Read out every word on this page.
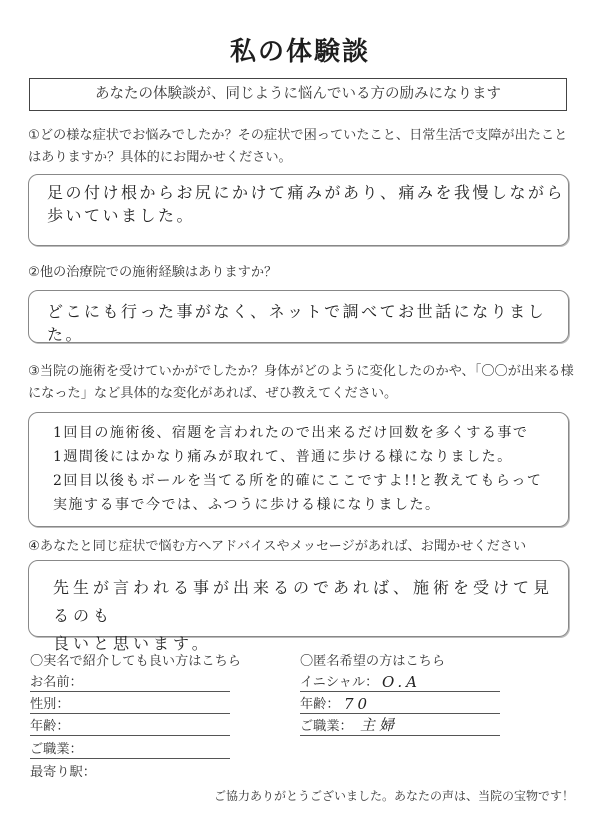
私の体験談
あなたの体験談が、同じように悩んでいる方の励みになります
①どの様な症状でお悩みでしたか？その症状で困っていたこと、日常生活で支障が出たことはありますか？具体的にお聞かせください。
足の付け根からお尻にかけて痛みがあり、痛みを我慢しながら
歩いていました。
②他の治療院での施術経験はありますか？
どこにも行った事がなく、ネットで調べてお世話になりました。
③当院の施術を受けていかがでしたか？身体がどのように変化したのかや、「〇〇が出来る様になった」など具体的な変化があれば、ぜひ教えてください。
1回目の施術後、宿題を言われたので出来るだけ回数を多くする事で
1週間後にはかなり痛みが取れて、普通に歩ける様になりました。
2回目以後もボールを当てる所を的確にここですよ!!と教えてもらって
実施する事で今では、ふつうに歩ける様になりました。
④あなたと同じ症状で悩む方へアドバイスやメッセージがあれば、お聞かせください
先生が言われる事が出来るのであれば、施術を受けて見るのも
良いと思います。
〇実名で紹介しても良い方はこちら
お名前：
性別：
年齢：
ご職業：
最寄り駅：
〇匿名希望の方はこちら
イニシャル： O.A
年齢： 70
ご職業： 主婦
ご協力ありがとうございました。あなたの声は、当院の宝物です！
